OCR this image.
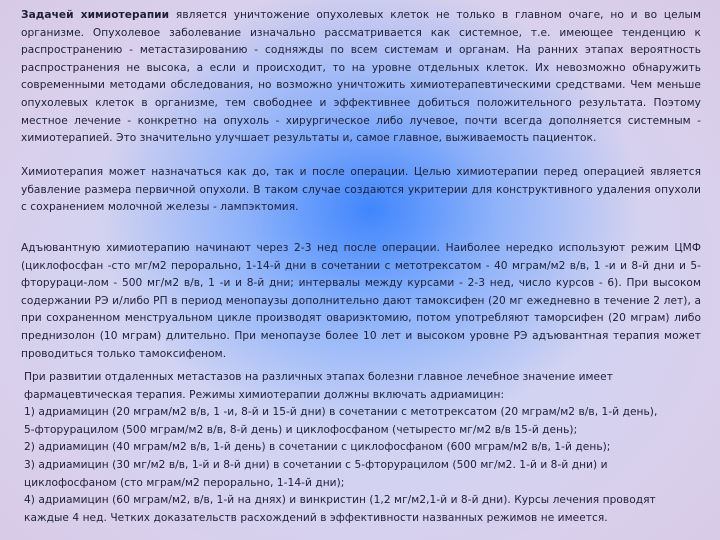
Задачей химиотерапии является уничтожение опухолевых клеток не только в главном очаге, но и во целым организме. Опухолевое заболевание изначально рассматривается как системное, т.е. имеющее тенденцию к распространению - метастазированию - содняжды по всем системам и органам. На ранних этапах вероятность распространения не высока, а если и происходит, то на уровне отдельных клеток. Их невозможно обнаружить современными методами обследования, но возможно уничтожить химиотерапевтическими средствами. Чем меньше опухолевых клеток в организме, тем свободнее и эффективнее добиться положительного результата. Поэтому местное лечение - конкретно на опухоль - хирургическое либо лучевое, почти всегда дополняется системным - химиотерапией. Это значительно улучшает результаты и, самое главное, выживаемость пациенток.

Химиотерапия может назначаться как до, так и после операции. Целью химиотерапии перед операцией является убавление размера первичной опухоли. В таком случае создаются укритерии для конструктивного удаления опухоли с сохранением молочной железы - лампэктомия.

Адъювантную химиотерапию начинают через 2-3 нед после операции. Наиболее нередко используют режим ЦМФ (циклофосфан -сто мг/м2 перорально, 1-14-й дни в сочетании с метотрексатом - 40 мграм/м2 в/в, 1 -и и 8-й дни и 5-фторураци-лом - 500 мг/м2 в/в, 1 -и и 8-й дни; интервалы между курсами - 2-3 нед, число курсов - 6). При высоком содержании РЭ и/либо РП в период менопаузы дополнительно дают тамоксифен (20 мг ежедневно в течение 2 лет), а при сохраненном менструальном цикле производят овариэктомию, потом употребляют таморсифен (20 мграм) либо преднизолон (10 мграм) длительно. При менопаузе более 10 лет и высоком уровне РЭ адъювантная терапия может проводиться только тамоксифеном.

При развитии отдаленных метастазов на различных этапах болезни главное лечебное значение имеет
фармацевтическая терапия. Режимы химиотерапии должны включать адриамицин:
1) адриамицин (20 мграм/м2 в/в, 1 -и, 8-й и 15-й дни) в сочетании с метотрексатом (20 мграм/м2 в/в, 1-й день),
5-фторурацилом (500 мграм/м2 в/в, 8-й день) и циклофосфаном (четыресто мг/м2 в/в 15-й день);
2) адриамицин (40 мграм/м2 в/в, 1-й день) в сочетании с циклофосфаном (600 мграм/м2 в/в, 1-й день);
3) адриамицин (30 мг/м2 в/в, 1-й и 8-й дни) в сочетании с 5-фторурацилом (500 мг/м2. 1-й и 8-й дни) и
циклофосфаном (сто мграм/м2 перорально, 1-14-й дни);
4) адриамицин (60 мграм/м2, в/в, 1-й на днях) и винкристин (1,2 мг/м2,1-й и 8-й дни). Курсы лечения проводят
каждые 4 нед. Четких доказательств расхождений в эффективности названных режимов не имеется.
